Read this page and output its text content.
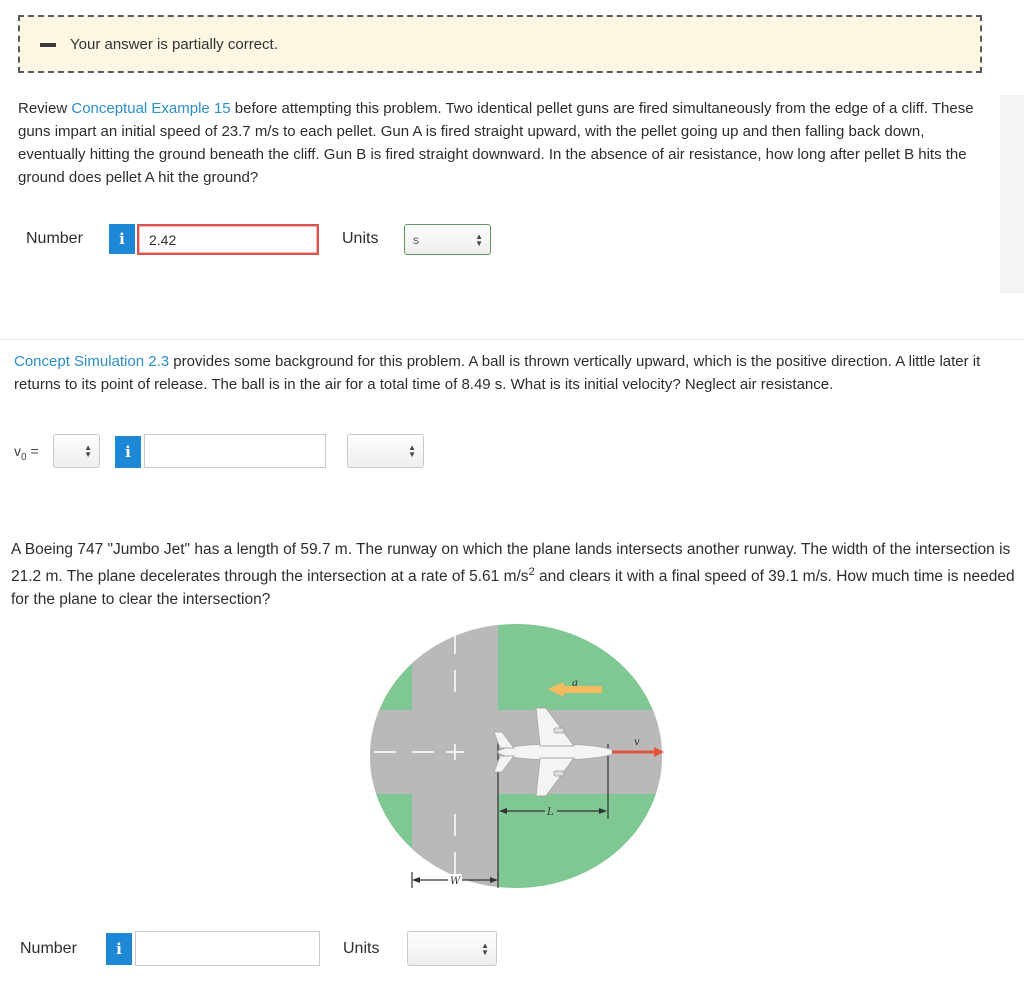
Your answer is partially correct.
Review Conceptual Example 15 before attempting this problem. Two identical pellet guns are fired simultaneously from the edge of a cliff. These guns impart an initial speed of 23.7 m/s to each pellet. Gun A is fired straight upward, with the pellet going up and then falling back down, eventually hitting the ground beneath the cliff. Gun B is fired straight downward. In the absence of air resistance, how long after pellet B hits the ground does pellet A hit the ground?
Number	i	2.42	Units	s	▲
▼
Concept Simulation 2.3 provides some background for this problem. A ball is thrown vertically upward, which is the positive direction. A little later it returns to its point of release. The ball is in the air for a total time of 8.49 s. What is its initial velocity? Neglect air resistance.
$v_0$ =	▲
▼	i	▲
▼
A Boeing 747 "Jumbo Jet" has a length of 59.7 m. The runway on which the plane lands intersects another runway. The width of the intersection is 21.2 m. The plane decelerates through the intersection at a rate of 5.61 $m/s^2$ and clears it with a final speed of 39.1 m/s. How much time is needed for the plane to clear the intersection?
a
v
L
W
Number	i	Units	▲
▼
